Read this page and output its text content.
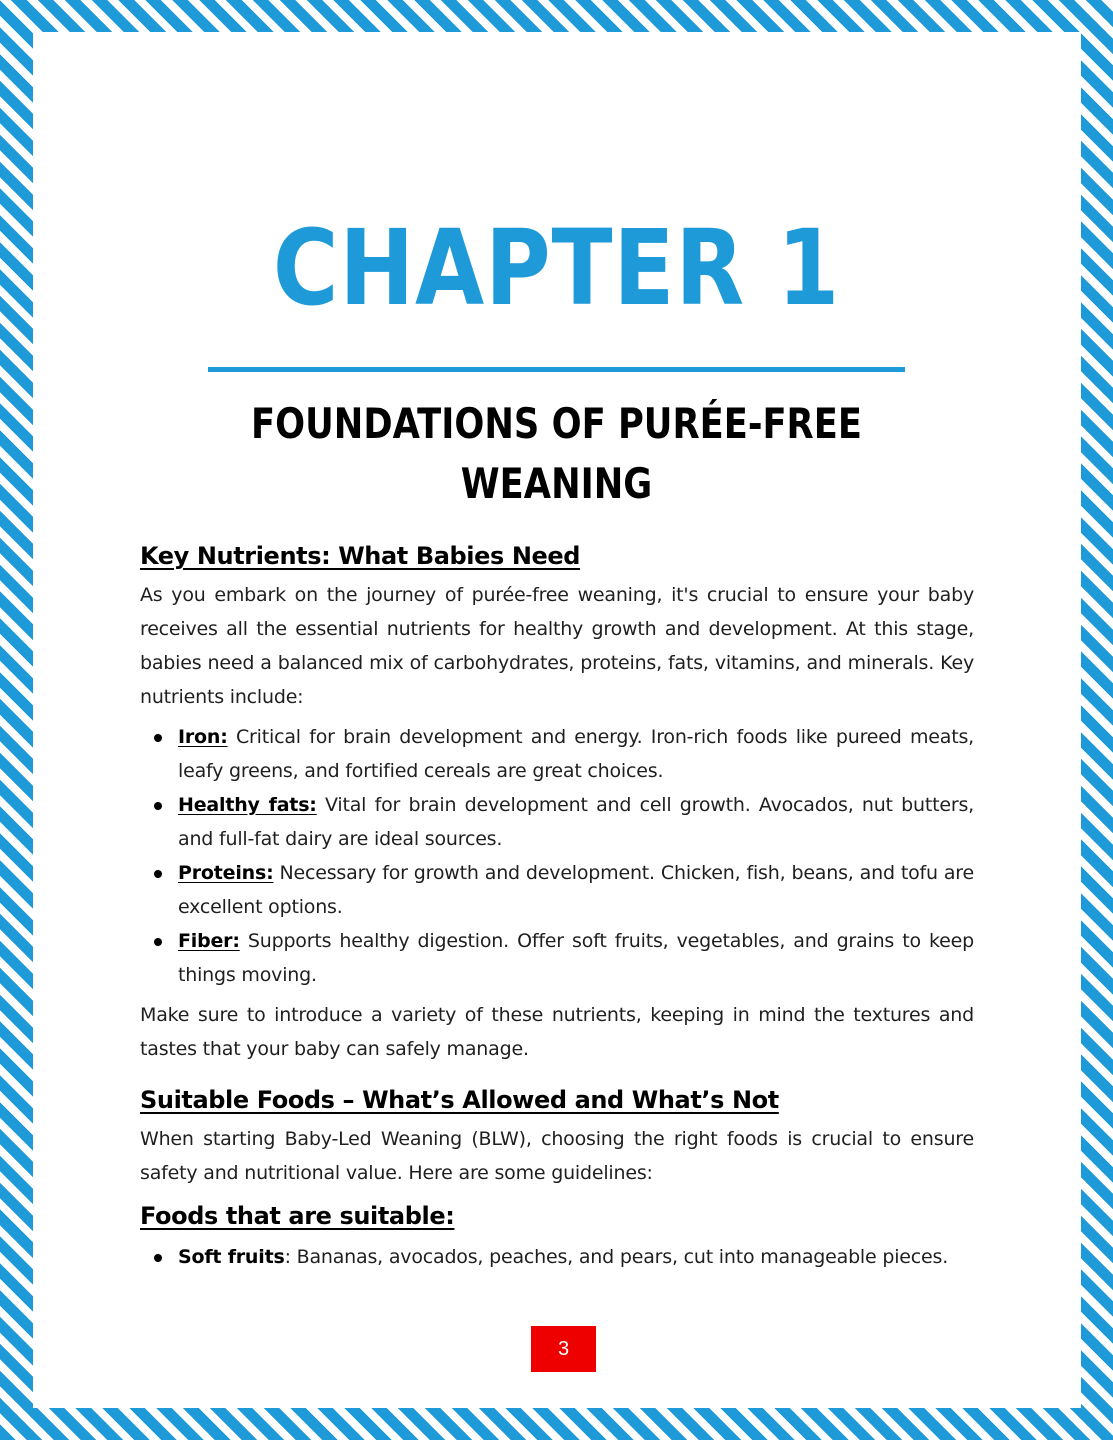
CHAPTER 1
FOUNDATIONS OF PURÉE-FREE
WEANING
Key Nutrients: What Babies Need

As you embark on the journey of purée-free weaning, it's crucial to ensure your baby receives all the essential nutrients for healthy growth and development. At this stage, babies need a balanced mix of carbohydrates, proteins, fats, vitamins, and minerals. Key nutrients include:

Iron: Critical for brain development and energy. Iron-rich foods like pureed meats, leafy greens, and fortified cereals are great choices.
Healthy fats: Vital for brain development and cell growth. Avocados, nut butters, and full-fat dairy are ideal sources.
Proteins: Necessary for growth and development. Chicken, fish, beans, and tofu are excellent options.
Fiber: Supports healthy digestion. Offer soft fruits, vegetables, and grains to keep things moving.

Make sure to introduce a variety of these nutrients, keeping in mind the textures and tastes that your baby can safely manage.

Suitable Foods – What’s Allowed and What’s Not

When starting Baby-Led Weaning (BLW), choosing the right foods is crucial to ensure safety and nutritional value. Here are some guidelines:

Foods that are suitable:
Soft fruits: Bananas, avocados, peaches, and pears, cut into manageable pieces.
3
